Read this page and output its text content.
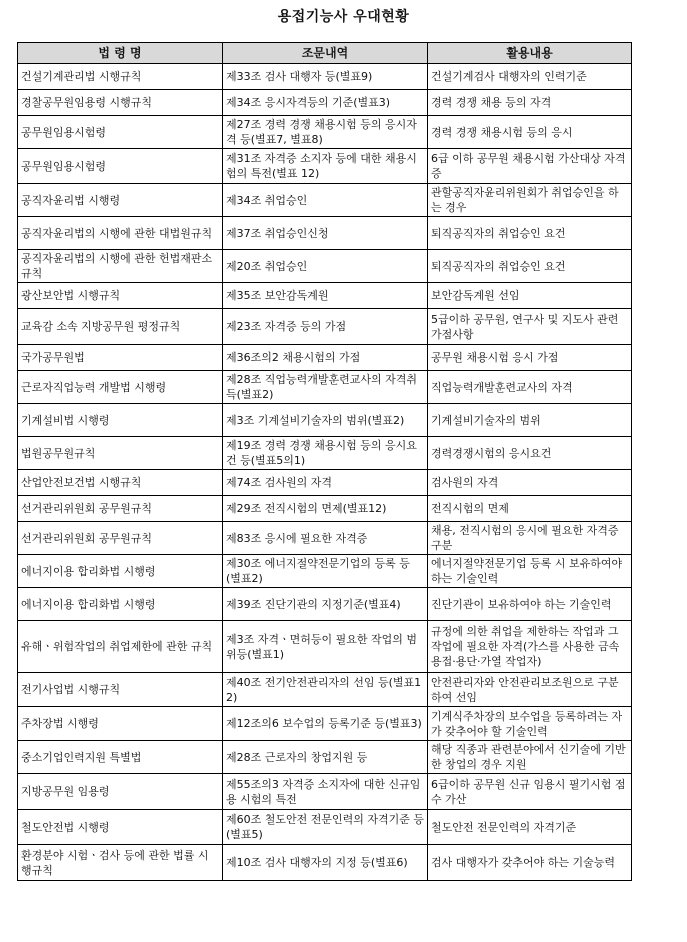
용접기능사 우대현황
법 령 명	조문내역	활용내용
건설기계관리법 시행규칙	제33조 검사 대행자 등(별표9)	건설기계검사 대행자의 인력기준
경찰공무원임용령 시행규칙	제34조 응시자격등의 기준(별표3)	경력 경쟁 채용 등의 자격
공무원임용시험령	제27조 경력 경쟁 채용시험 등의 응시자격 등(별표7, 별표8)	경력 경쟁 채용시험 등의 응시
공무원임용시험령	제31조 자격증 소지자 등에 대한 채용시험의 특전(별표 12)	6급 이하 공무원 채용시험 가산대상 자격증
공직자윤리법 시행령	제34조 취업승인	관할공직자윤리위원회가 취업승인을 하는 경우
공직자윤리법의 시행에 관한 대법원규칙	제37조 취업승인신청	퇴직공직자의 취업승인 요건
공직자윤리법의 시행에 관한 헌법재판소규칙	제20조 취업승인	퇴직공직자의 취업승인 요건
광산보안법 시행규칙	제35조 보안감독계원	보안감독계원 선임
교육감 소속 지방공무원 평정규칙	제23조 자격증 등의 가점	5급이하 공무원, 연구사 및 지도사 관련 가점사항
국가공무원법	제36조의2 채용시험의 가점	공무원 채용시험 응시 가점
근로자직업능력 개발법 시행령	제28조 직업능력개발훈련교사의 자격취득(별표2)	직업능력개발훈련교사의 자격
기계설비법 시행령	제3조 기계설비기술자의 범위(별표2)	기계설비기술자의 범위
법원공무원규칙	제19조 경력 경쟁 채용시험 등의 응시요건 등(별표5의1)	경력경쟁시험의 응시요건
산업안전보건법 시행규칙	제74조 검사원의 자격	검사원의 자격
선거관리위원회 공무원규칙	제29조 전직시험의 면제(별표12)	전직시험의 면제
선거관리위원회 공무원규칙	제83조 응시에 필요한 자격증	채용, 전직시험의 응시에 필요한 자격증 구분
에너지이용 합리화법 시행령	제30조 에너지절약전문기업의 등록 등(별표2)	에너지절약전문기업 등록 시 보유하여야하는 기술인력
에너지이용 합리화법 시행령	제39조 진단기관의 지정기준(별표4)	진단기관이 보유하여야 하는 기술인력
유해ㆍ위험작업의 취업제한에 관한 규칙	제3조 자격ㆍ면허등이 필요한 작업의 범위등(별표1)	규정에 의한 취업을 제한하는 작업과 그 작업에 필요한 자격(가스를 사용한 금속 용접·용단·가열 작업자)
전기사업법 시행규칙	제40조 전기안전관리자의 선임 등(별표12)	안전관리자와 안전관리보조원으로 구분하여 선임
주차장법 시행령	제12조의6 보수업의 등록기준 등(별표3)	기계식주차장의 보수업을 등록하려는 자가 갖추어야 할 기술인력
중소기업인력지원 특별법	제28조 근로자의 창업지원 등	해당 직종과 관련분야에서 신기술에 기반한 창업의 경우 지원
지방공무원 임용령	제55조의3 자격증 소지자에 대한 신규임용 시험의 특전	6급이하 공무원 신규 임용시 필기시험 점수 가산
철도안전법 시행령	제60조 철도안전 전문인력의 자격기준 등(별표5)	철도안전 전문인력의 자격기준
환경분야 시험ㆍ검사 등에 관한 법률 시행규칙	제10조 검사 대행자의 지정 등(별표6)	검사 대행자가 갖추어야 하는 기술능력
